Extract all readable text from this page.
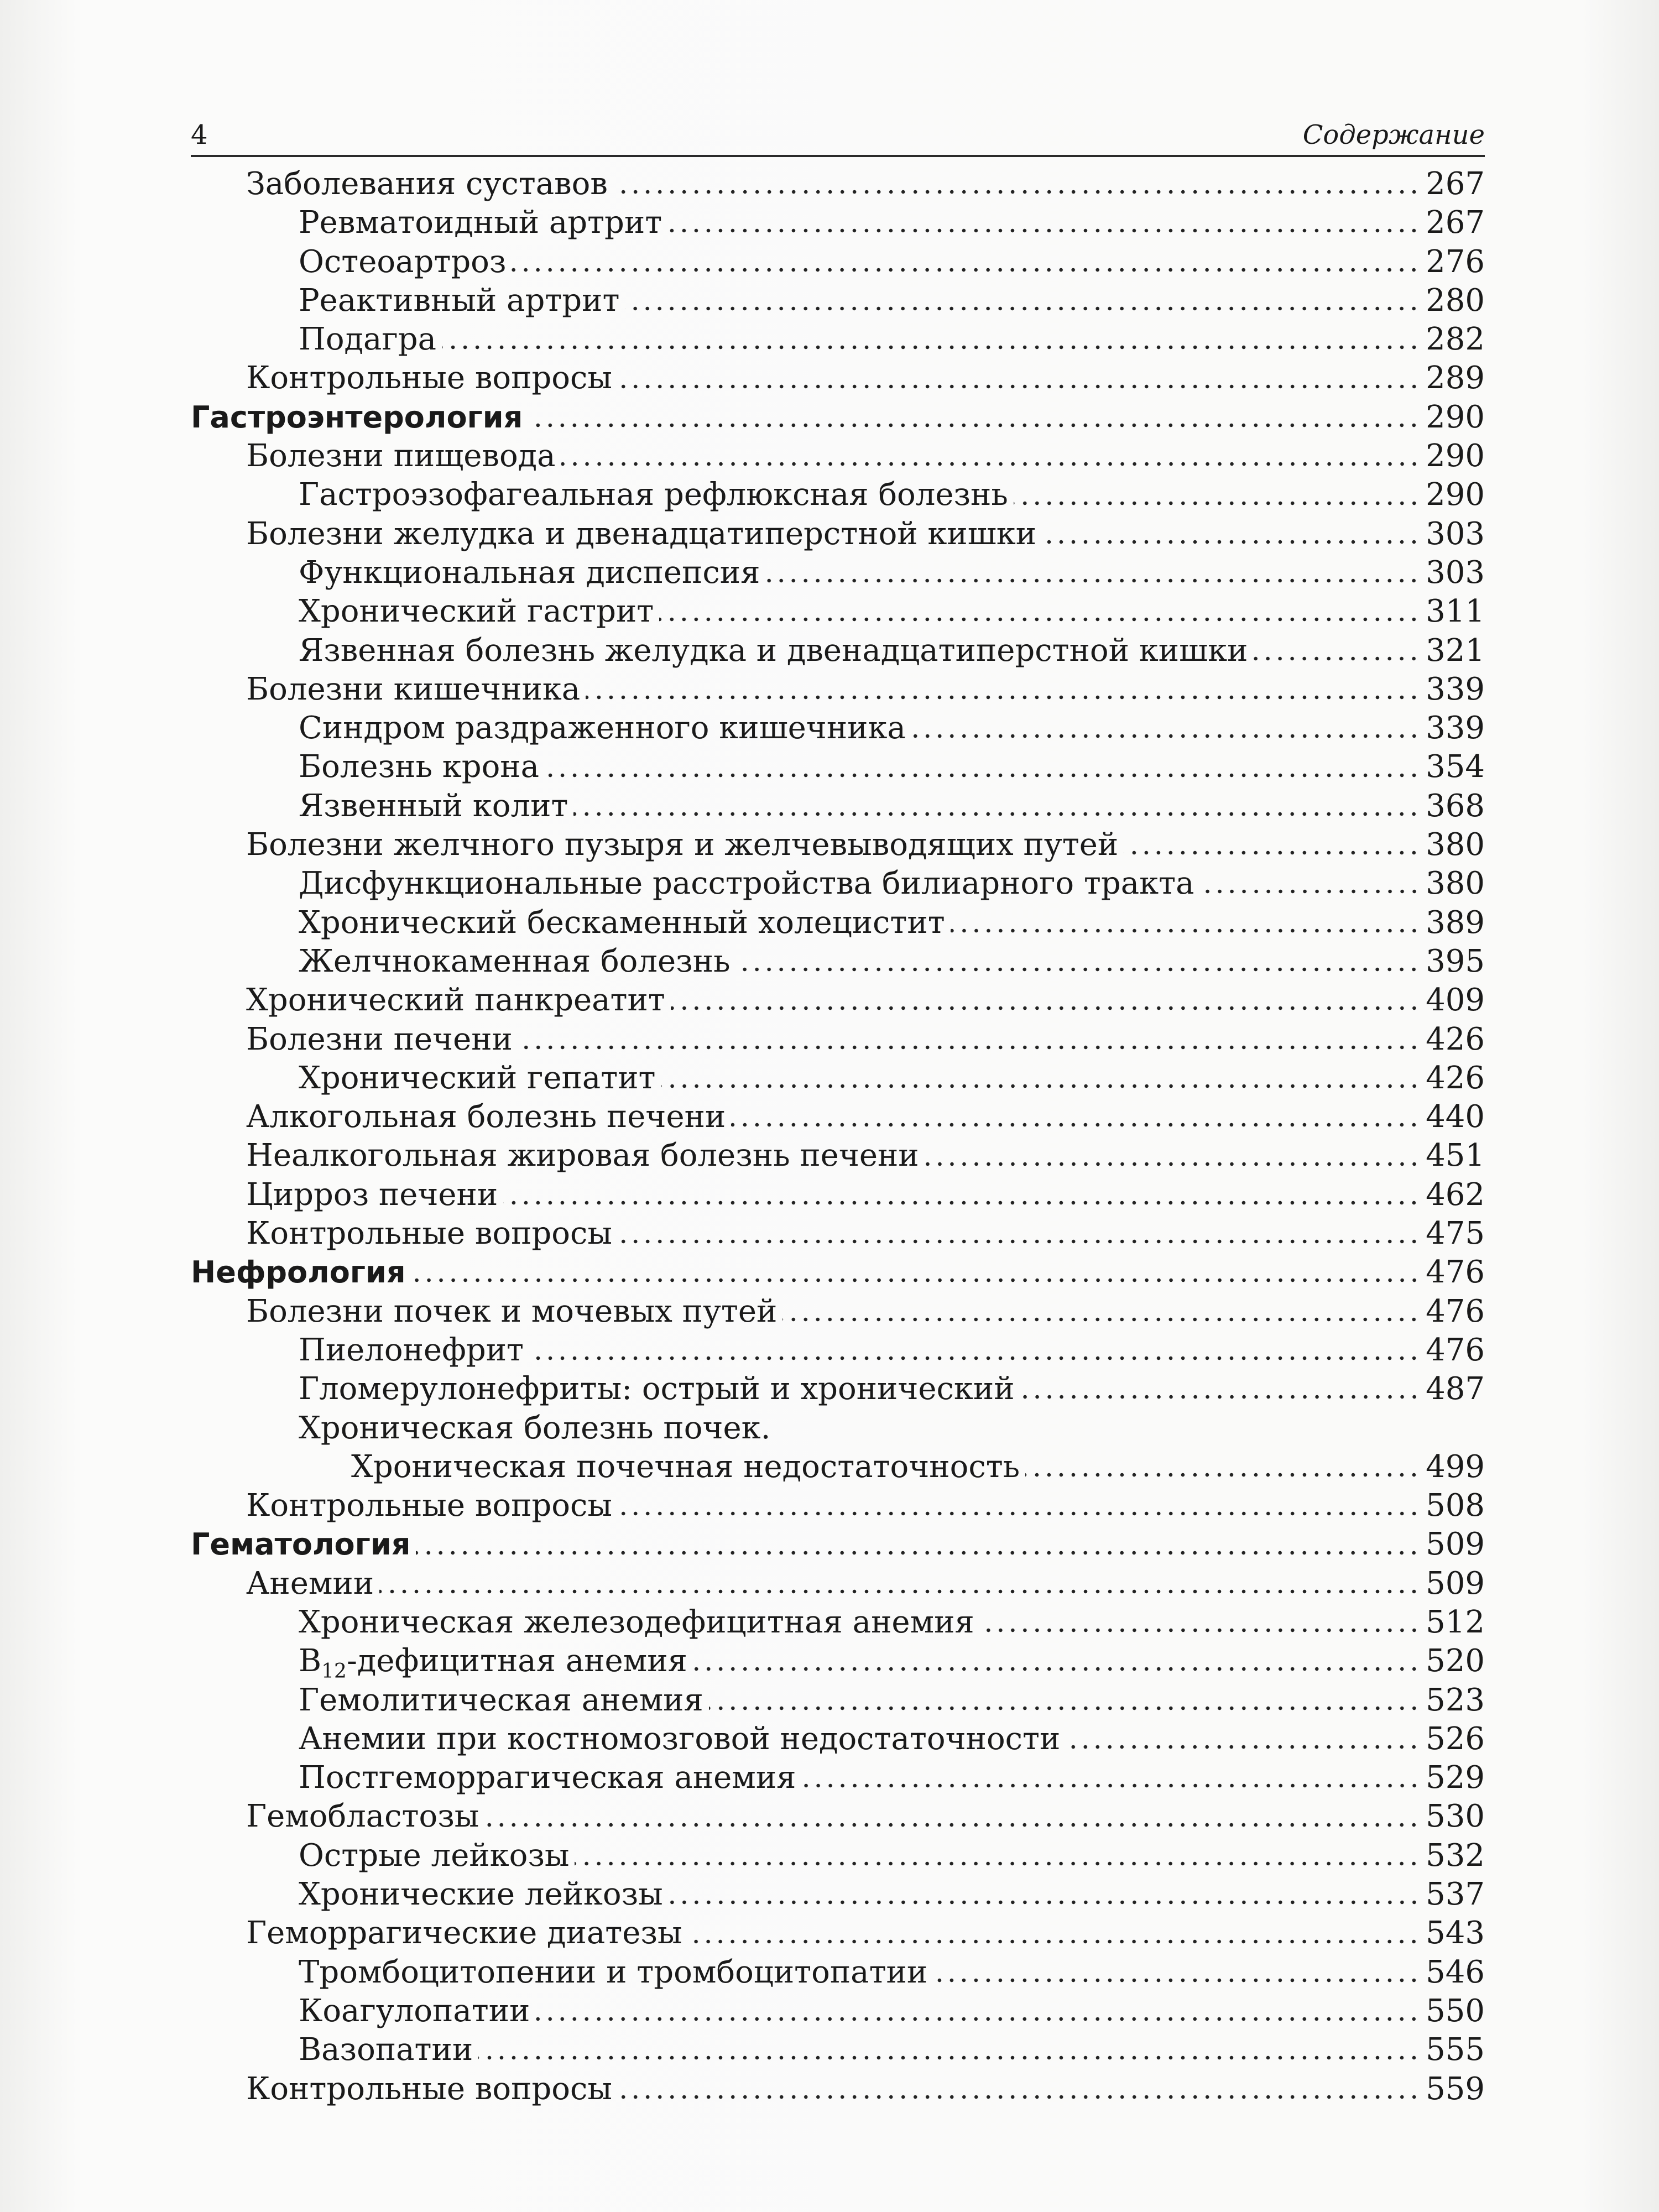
4	Содержание
Заболевания суставов	267
Ревматоидный артрит	267
Остеоартроз	276
Реактивный артрит	280
Подагра	282
Контрольные вопросы	289
Гастроэнтерология	290
Болезни пищевода	290
Гастроэзофагеальная рефлюксная болезнь	290
Болезни желудка и двенадцатиперстной кишки	303
Функциональная диспепсия	303
Хронический гастрит	311
Язвенная болезнь желудка и двенадцатиперстной кишки	321
Болезни кишечника	339
Синдром раздраженного кишечника	339
Болезнь крона	354
Язвенный колит	368
Болезни желчного пузыря и желчевыводящих путей	380
Дисфункциональные расстройства билиарного тракта	380
Хронический бескаменный холецистит	389
Желчнокаменная болезнь	395
Хронический панкреатит	409
Болезни печени	426
Хронический гепатит	426
Алкогольная болезнь печени	440
Неалкогольная жировая болезнь печени	451
Цирроз печени	462
Контрольные вопросы	475
Нефрология	476
Болезни почек и мочевых путей	476
Пиелонефрит	476
Гломерулонефриты: острый и хронический	487
Хроническая болезнь почек.
Хроническая почечная недостаточность	499
Контрольные вопросы	508
Гематология	509
Анемии	509
Хроническая железодефицитная анемия	512
$B_{12}$-дефицитная анемия	520
Гемолитическая анемия	523
Анемии при костномозговой недостаточности	526
Постгеморрагическая анемия	529
Гемобластозы	530
Острые лейкозы	532
Хронические лейкозы	537
Геморрагические диатезы	543
Тромбоцитопении и тромбоцитопатии	546
Коагулопатии	550
Вазопатии	555
Контрольные вопросы	559
